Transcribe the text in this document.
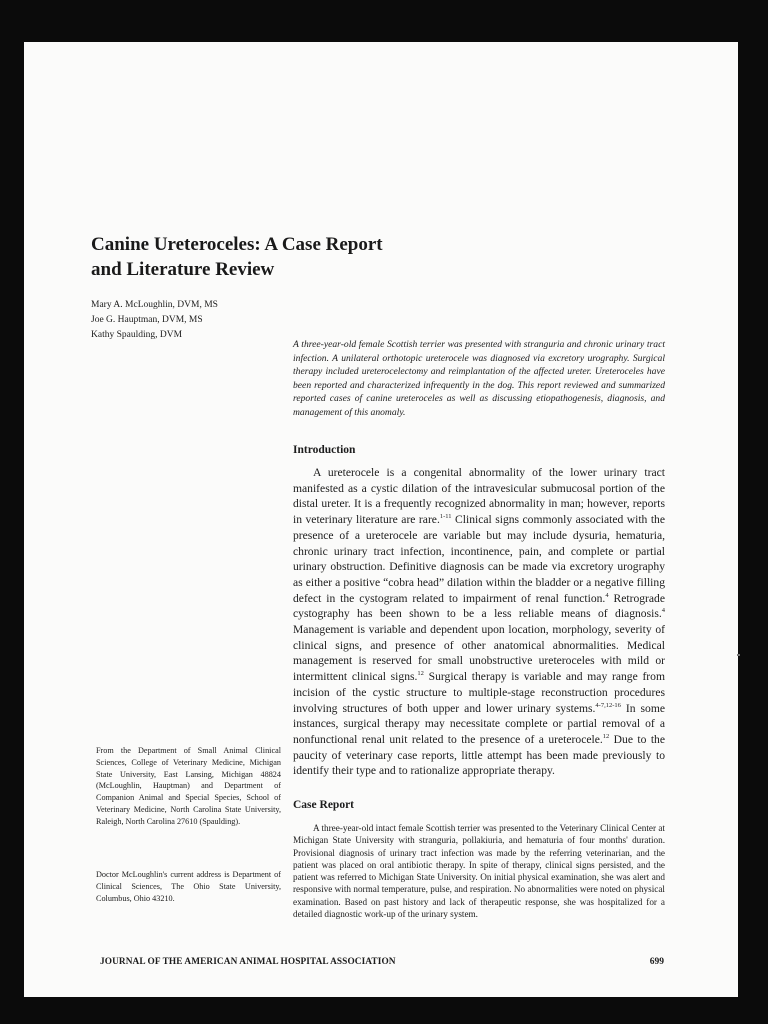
Canine Ureteroceles: A Case Report
and Literature Review
Mary A. McLoughlin, DVM, MS
Joe G. Hauptman, DVM, MS
Kathy Spaulding, DVM

A three-year-old female Scottish terrier was presented with stranguria and chronic urinary tract infection. A unilateral orthotopic ureterocele was diagnosed via excretory urography. Surgical therapy included ureterocelectomy and reimplantation of the affected ureter. Ureteroceles have been reported and characterized infrequently in the dog. This report reviewed and summarized reported cases of canine ureteroceles as well as discussing etiopathogenesis, diagnosis, and management of this anomaly.

Introduction

A ureterocele is a congenital abnormality of the lower urinary tract manifested as a cystic dilation of the intravesicular submucosal portion of the distal ureter. It is a frequently recognized abnormality in man; however, reports in veterinary literature are rare.$^{1-11}$ Clinical signs commonly associated with the presence of a ureterocele are variable but may include dysuria, hematuria, chronic urinary tract infection, incontinence, pain, and complete or partial urinary obstruction. Definitive diagnosis can be made via excretory urography as either a positive “cobra head” dilation within the bladder or a negative filling defect in the cystogram related to impairment of renal function.$^4$ Retrograde cystography has been shown to be a less reliable means of diagnosis.$^4$ Management is variable and dependent upon location, morphology, severity of clinical signs, and presence of other anatomical abnormalities. Medical management is reserved for small unobstructive ureteroceles with mild or intermittent clinical signs.$^{12}$ Surgical therapy is variable and may range from incision of the cystic structure to multiple-stage reconstruction procedures involving structures of both upper and lower urinary systems.$^{4-7,12-16}$ In some instances, surgical therapy may necessitate complete or partial removal of a nonfunctional renal unit related to the presence of a ureterocele.$^{12}$ Due to the paucity of veterinary case reports, little attempt has been made previously to identify their type and to rationalize appropriate therapy.

Case Report

A three-year-old intact female Scottish terrier was presented to the Veterinary Clinical Center at Michigan State University with stranguria, pollakiuria, and hematuria of four months' duration. Provisional diagnosis of urinary tract infection was made by the referring veterinarian, and the patient was placed on oral antibiotic therapy. In spite of therapy, clinical signs persisted, and the patient was referred to Michigan State University. On initial physical examination, she was alert and responsive with normal temperature, pulse, and respiration. No abnormalities were noted on physical examination. Based on past history and lack of therapeutic response, she was hospitalized for a detailed diagnostic work-up of the urinary system.

From the Department of Small Animal Clinical Sciences, College of Veterinary Medicine, Michigan State University, East Lansing, Michigan 48824 (McLoughlin, Hauptman) and Department of Companion Animal and Special Species, School of Veterinary Medicine, North Carolina State University, Raleigh, North Carolina 27610 (Spaulding).

Doctor McLoughlin's current address is Department of Clinical Sciences, The Ohio State University, Columbus, Ohio 43210.

JOURNAL OF THE AMERICAN ANIMAL HOSPITAL ASSOCIATION	699
